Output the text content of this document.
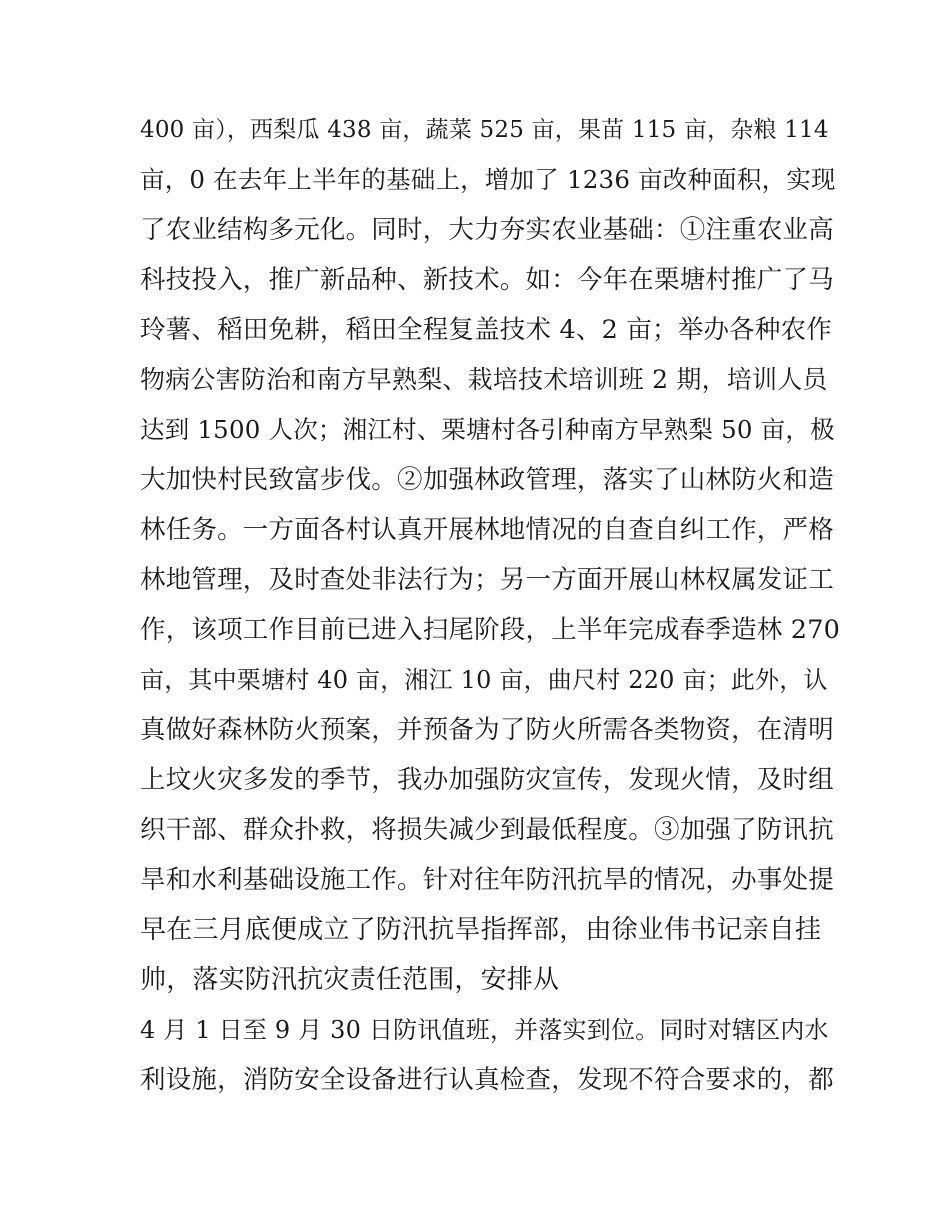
400 亩），西梨瓜 438 亩，蔬菜 525 亩，果苗 115 亩，杂粮 114
亩，0 在去年上半年的基础上，增加了 1236 亩改种面积，实现
了农业结构多元化。同时，大力夯实农业基础：①注重农业高
科技投入，推广新品种、新技术。如：今年在栗塘村推广了马
玲薯、稻田免耕，稻田全程复盖技术 4、2 亩；举办各种农作
物病公害防治和南方早熟梨、栽培技术培训班 2 期，培训人员
达到 1500 人次；湘江村、栗塘村各引种南方早熟梨 50 亩，极
大加快村民致富步伐。②加强林政管理，落实了山林防火和造
林任务。一方面各村认真开展林地情况的自查自纠工作，严格
林地管理，及时查处非法行为；另一方面开展山林权属发证工
作，该项工作目前已进入扫尾阶段，上半年完成春季造林 270
亩，其中栗塘村 40 亩，湘江 10 亩，曲尺村 220 亩；此外，认
真做好森林防火预案，并预备为了防火所需各类物资，在清明
上坟火灾多发的季节，我办加强防灾宣传，发现火情，及时组
织干部、群众扑救，将损失减少到最低程度。③加强了防讯抗
旱和水利基础设施工作。针对往年防汛抗旱的情况，办事处提
早在三月底便成立了防汛抗旱指挥部，由徐业伟书记亲自挂
帅，落实防汛抗灾责任范围，安排从
4 月 1 日至 9 月 30 日防讯值班，并落实到位。同时对辖区内水
利设施，消防安全设备进行认真检查，发现不符合要求的，都
